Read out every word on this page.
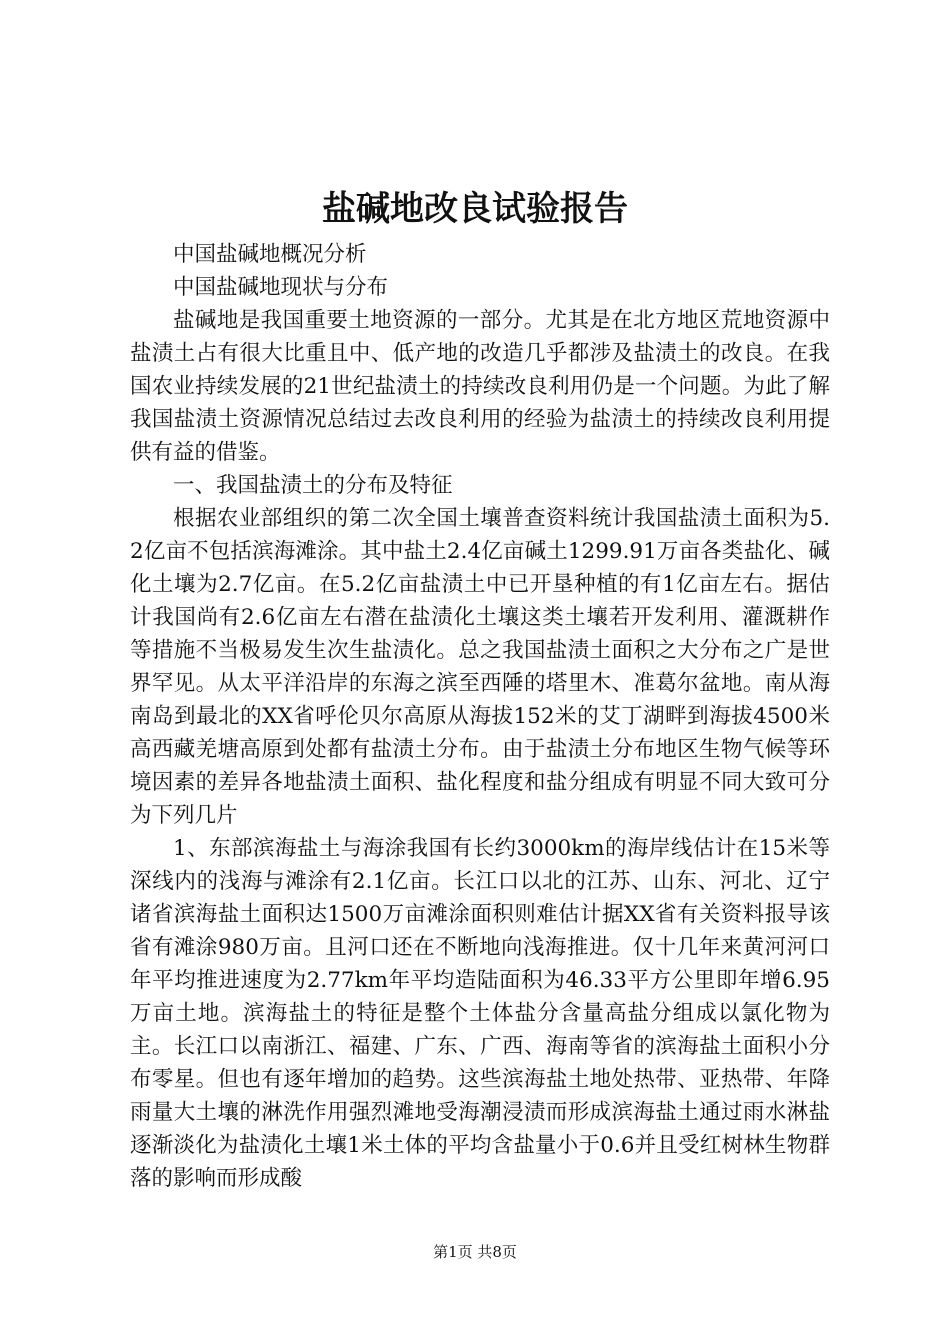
盐碱地改良试验报告

中国盐碱地概况分析

中国盐碱地现状与分布

盐碱地是我国重要土地资源的一部分。尤其是在北方地区荒地资源中盐渍土占有很大比重且中、低产地的改造几乎都涉及盐渍土的改良。在我国农业持续发展的21世纪盐渍土的持续改良利用仍是一个问题。为此了解我国盐渍土资源情况总结过去改良利用的经验为盐渍土的持续改良利用提供有益的借鉴。

一、我国盐渍土的分布及特征

根据农业部组织的第二次全国土壤普查资料统计我国盐渍土面积为5.2亿亩不包括滨海滩涂。其中盐土2.4亿亩碱土1299.91万亩各类盐化、碱化土壤为2.7亿亩。在5.2亿亩盐渍土中已开垦种植的有1亿亩左右。据估计我国尚有2.6亿亩左右潜在盐渍化土壤这类土壤若开发利用、灌溉耕作等措施不当极易发生次生盐渍化。总之我国盐渍土面积之大分布之广是世界罕见。从太平洋沿岸的东海之滨至西陲的塔里木、准葛尔盆地。南从海南岛到最北的XX省呼伦贝尔高原从海拔152米的艾丁湖畔到海拔4500米高西藏羌塘高原到处都有盐渍土分布。由于盐渍土分布地区生物气候等环境因素的差异各地盐渍土面积、盐化程度和盐分组成有明显不同大致可分为下列几片

1、东部滨海盐土与海涂我国有长约3000km的海岸线估计在15米等深线内的浅海与滩涂有2.1亿亩。长江口以北的江苏、山东、河北、辽宁诸省滨海盐土面积达1500万亩滩涂面积则难估计据XX省有关资料报导该省有滩涂980万亩。且河口还在不断地向浅海推进。仅十几年来黄河河口年平均推进速度为2.77km年平均造陆面积为46.33平方公里即年增6.95万亩土地。滨海盐土的特征是整个土体盐分含量高盐分组成以氯化物为主。长江口以南浙江、福建、广东、广西、海南等省的滨海盐土面积小分布零星。但也有逐年增加的趋势。这些滨海盐土地处热带、亚热带、年降雨量大土壤的淋洗作用强烈滩地受海潮浸渍而形成滨海盐土通过雨水淋盐逐渐淡化为盐渍化土壤1米土体的平均含盐量小于0.6并且受红树林生物群落的影响而形成酸

第1页 共8页
